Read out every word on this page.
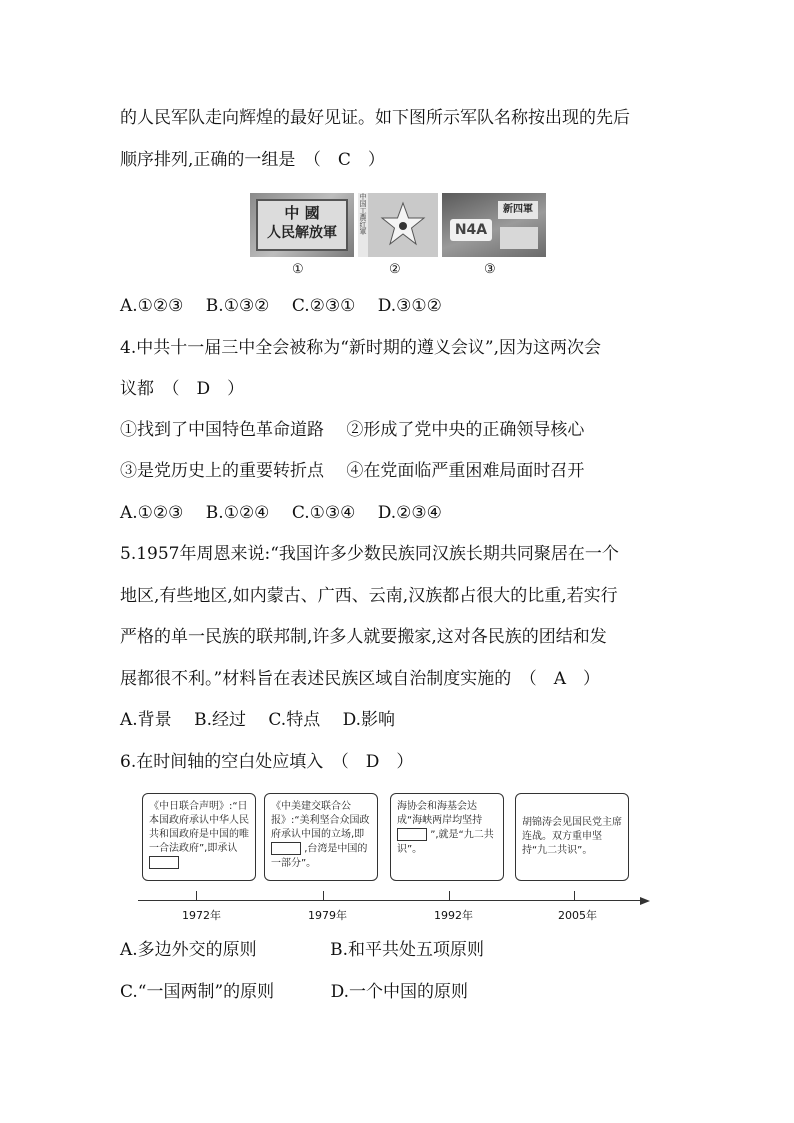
的人民军队走向辉煌的最好见证。如下图所示军队名称按出现的先后
顺序排列,正确的一组是　（　C　）
中 國
人民解放軍	中国工農红軍	新四軍
N4A
①	②	③
A.①②③　 B.①③②　 C.②③①　 D.③①②
4.中共十一届三中全会被称为“新时期的遵义会议”,因为这两次会
议都　（　D　）
①找到了中国特色革命道路　 ②形成了党中央的正确领导核心
③是党历史上的重要转折点　 ④在党面临严重困难局面时召开
A.①②③　 B.①②④　 C.①③④　 D.②③④
5.1957年周恩来说:“我国许多少数民族同汉族长期共同聚居在一个
地区,有些地区,如内蒙古、广西、云南,汉族都占很大的比重,若实行
严格的单一民族的联邦制,许多人就要搬家,这对各民族的团结和发
展都很不利。”材料旨在表述民族区域自治制度实施的　（　A　）
A.背景　 B.经过　 C.特点　 D.影响
6.在时间轴的空白处应填入　（　D　）
《中日联合声明》:“日本国政府承认中华人民共和国政府是中国的唯一合法政府”,即承认
《中美建交联合公报》:“美利坚合众国政府承认中国的立场,即  ,台湾是中国的一部分”。
海协会和海基会达成“海峡两岸均坚持  ”,就是“九二共识”。
胡锦涛会见国民党主席连战。双方重申坚持“九二共识”。
1972年	1979年	1992年	2005年
A.多边外交的原则　　　　 B.和平共处五项原则
C.“一国两制”的原则　　　 D.一个中国的原则
